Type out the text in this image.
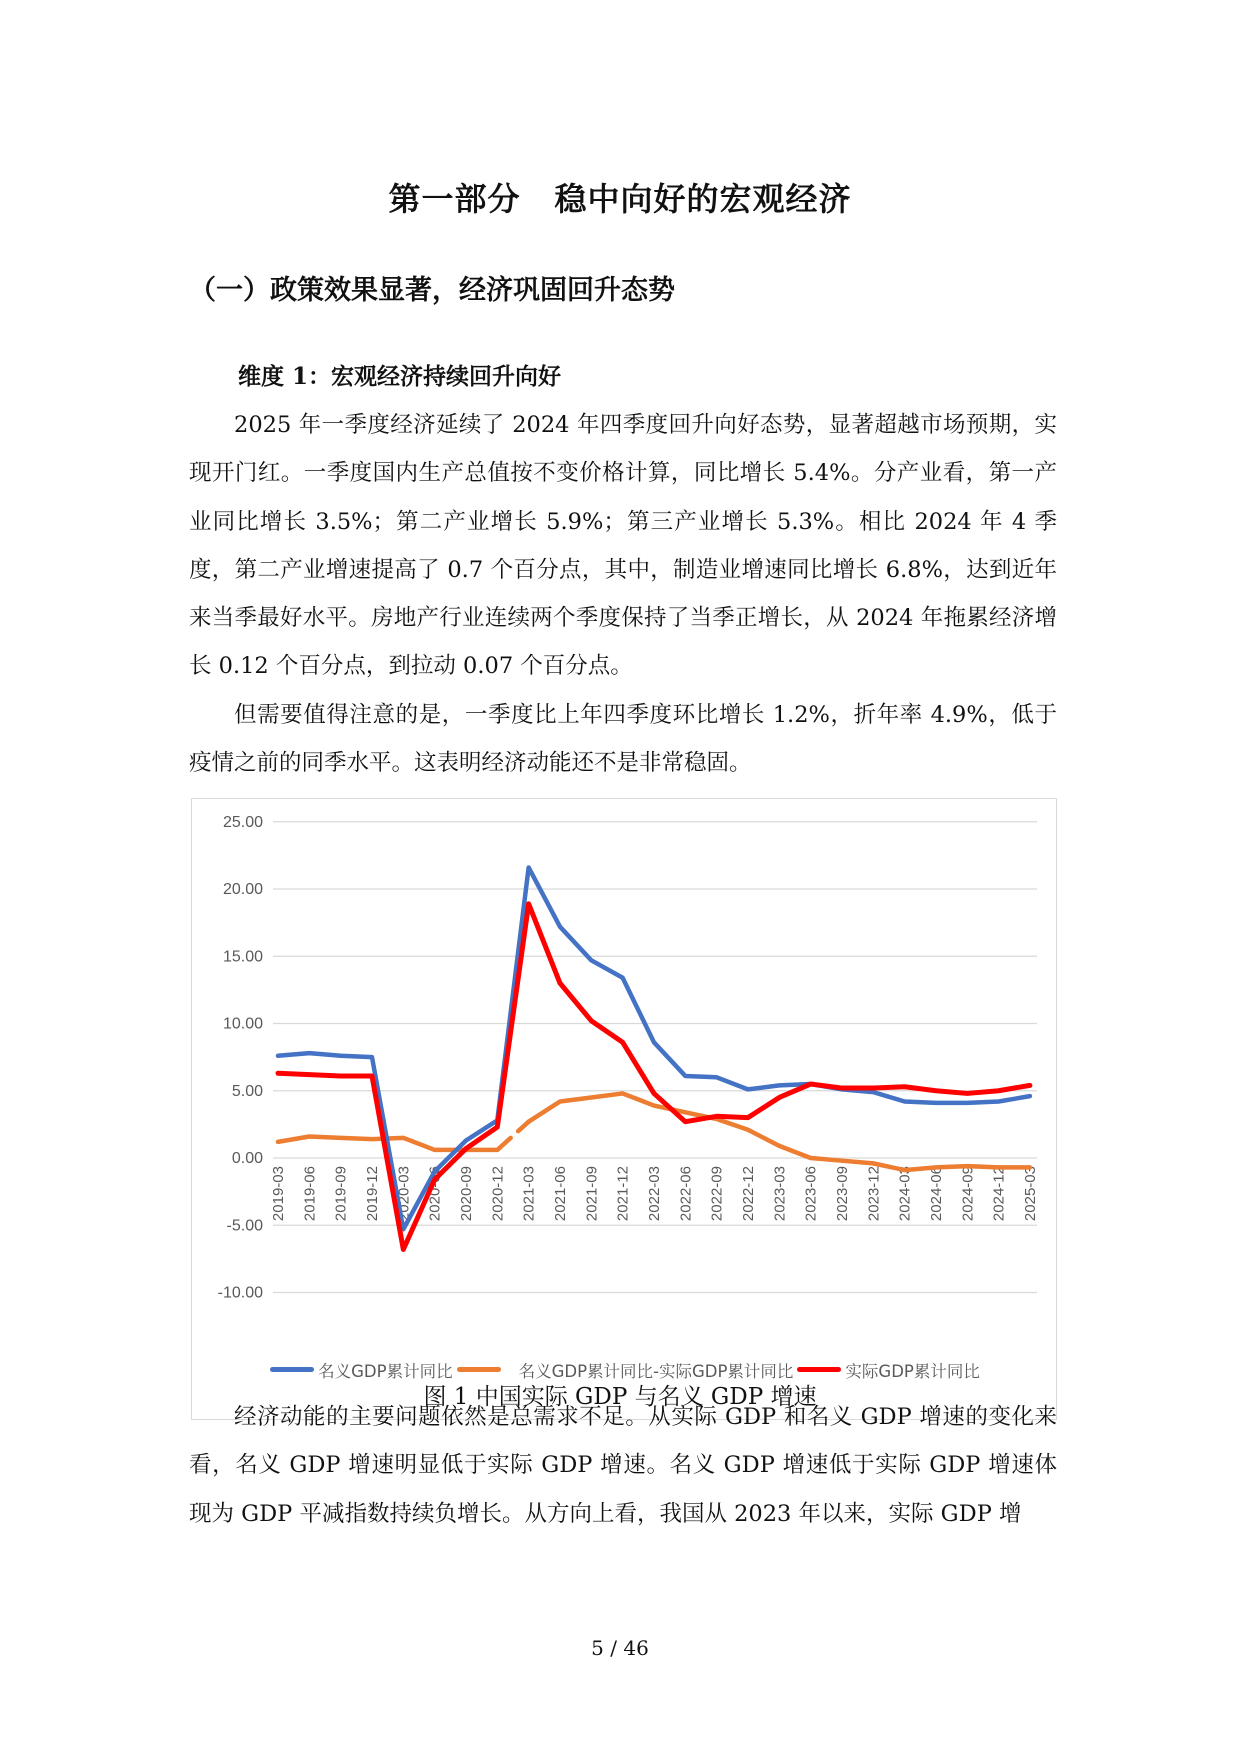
第一部分 稳中向好的宏观经济
（一）政策效果显著，经济巩固回升态势
维度 1：宏观经济持续回升向好

2025 年一季度经济延续了 2024 年四季度回升向好态势，显著超越市场预期，实现开门红。一季度国内生产总值按不变价格计算，同比增长 5.4%。分产业看，第一产业同比增长 3.5%；第二产业增长 5.9%；第三产业增长 5.3%。相比 2024 年 4 季度，第二产业增速提高了 0.7 个百分点，其中，制造业增速同比增长 6.8%，达到近年来当季最好水平。房地产行业连续两个季度保持了当季正增长，从 2024 年拖累经济增长 0.12 个百分点，到拉动 0.07 个百分点。

但需要值得注意的是，一季度比上年四季度环比增长 1.2%，折年率 4.9%，低于疫情之前的同季水平。这表明经济动能还不是非常稳固。

25.00
20.00
15.00
10.00
5.00
0.00
-5.00
-10.00
2019-03 2019-06 2019-09 2019-12 2020-03 2020-06 2020-09 2020-12 2021-03 2021-06 2021-09 2021-12 2022-03 2022-06 2022-09 2022-12 2023-03 2023-06 2023-09 2023-12 2024-03 2024-06 2024-09 2024-12 2025-03
名义GDP累计同比	名义GDP累计同比-实际GDP累计同比	实际GDP累计同比
图 1 中国实际 GDP 与名义 GDP 增速

经济动能的主要问题依然是总需求不足。从实际 GDP 和名义 GDP 增速的变化来看，名义 GDP 增速明显低于实际 GDP 增速。名义 GDP 增速低于实际 GDP 增速体现为 GDP 平减指数持续负增长。从方向上看，我国从 2023 年以来，实际 GDP 增

5 / 46
